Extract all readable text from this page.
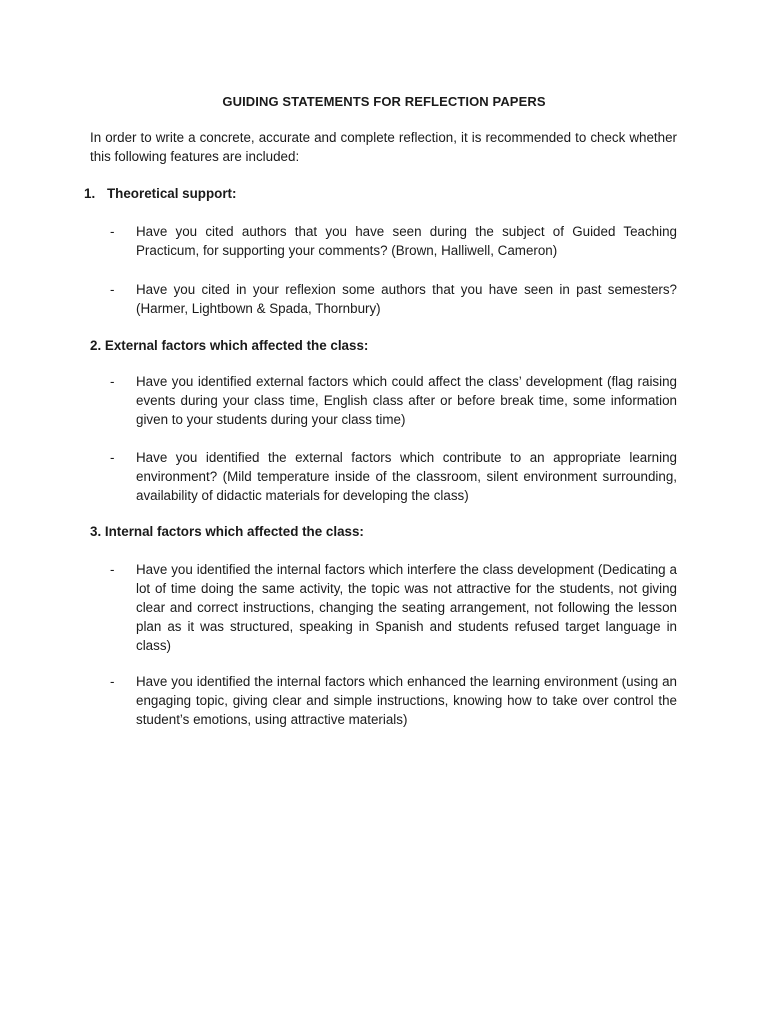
GUIDING STATEMENTS FOR REFLECTION PAPERS

In order to write a concrete, accurate and complete reflection, it is recommended to check whether this following features are included:

1. Theoretical support:

-	Have you cited authors that you have seen during the subject of Guided Teaching Practicum, for supporting your comments? (Brown, Halliwell, Cameron)
-	Have you cited in your reflexion some authors that you have seen in past semesters? (Harmer, Lightbown & Spada, Thornbury)

2. External factors which affected the class:

-	Have you identified external factors which could affect the class’ development (flag raising events during your class time, English class after or before break time, some information given to your students during your class time)
-	Have you identified the external factors which contribute to an appropriate learning environment? (Mild temperature inside of the classroom, silent environment surrounding, availability of didactic materials for developing the class)

3. Internal factors which affected the class:

-	Have you identified the internal factors which interfere the class development (Dedicating a lot of time doing the same activity, the topic was not attractive for the students, not giving clear and correct instructions, changing the seating arrangement, not following the lesson plan as it was structured, speaking in Spanish and students refused target language in class)
-	Have you identified the internal factors which enhanced the learning environment (using an engaging topic, giving clear and simple instructions, knowing how to take over control the student’s emotions, using attractive materials)
